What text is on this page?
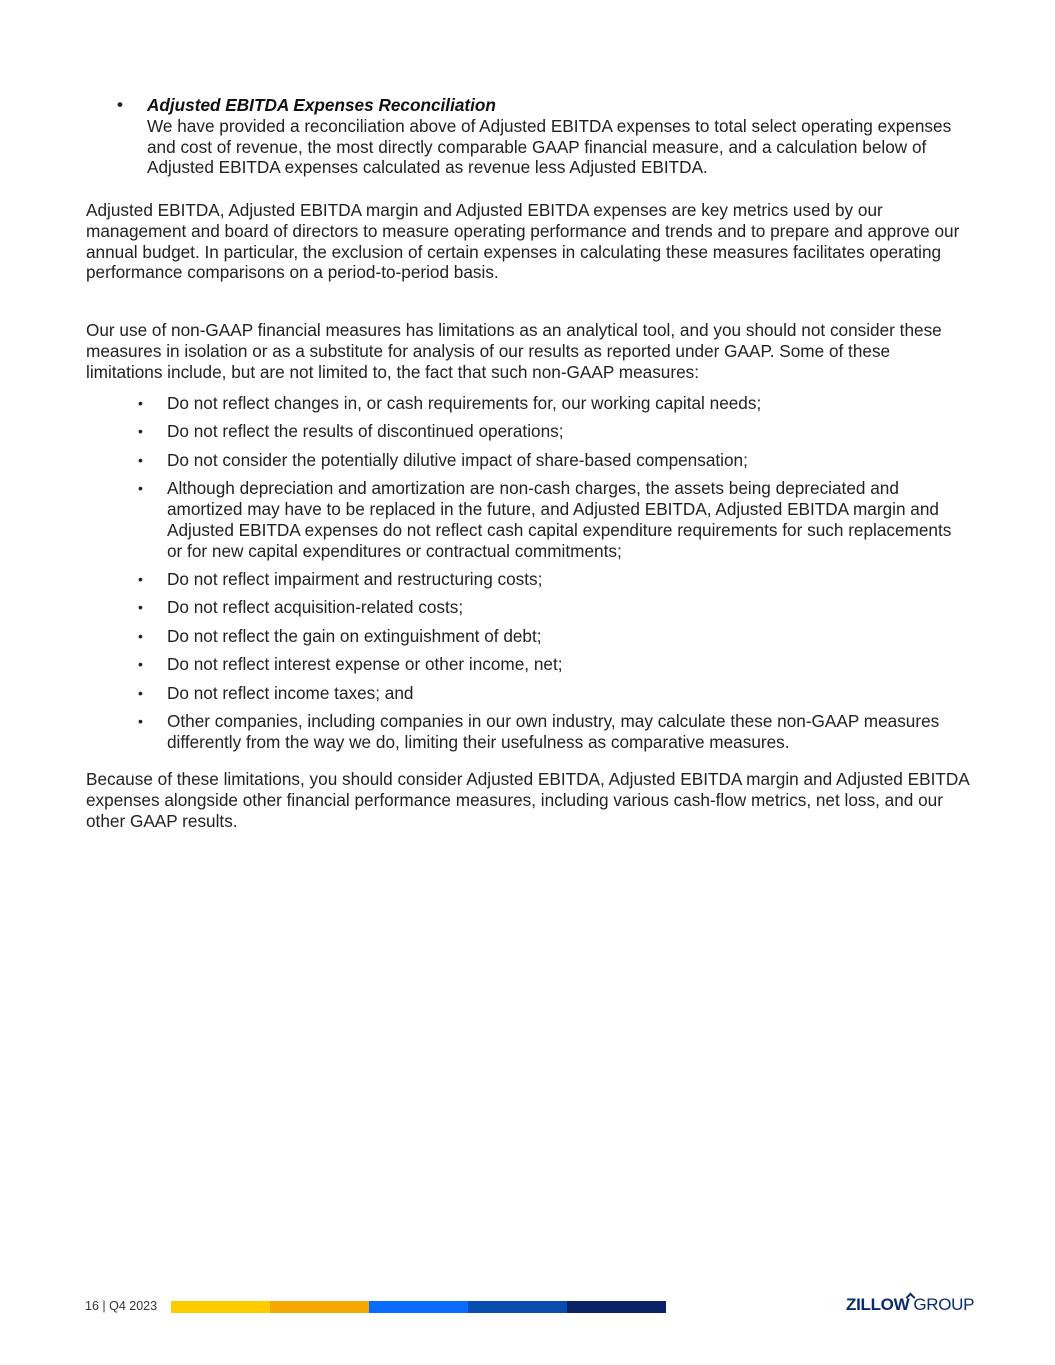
• Adjusted EBITDA Expenses Reconciliation
We have provided a reconciliation above of Adjusted EBITDA expenses to total select operating expenses and cost of revenue, the most directly comparable GAAP financial measure, and a calculation below of Adjusted EBITDA expenses calculated as revenue less Adjusted EBITDA.
Adjusted EBITDA, Adjusted EBITDA margin and Adjusted EBITDA expenses are key metrics used by our management and board of directors to measure operating performance and trends and to prepare and approve our annual budget. In particular, the exclusion of certain expenses in calculating these measures facilitates operating performance comparisons on a period-to-period basis.
Our use of non-GAAP financial measures has limitations as an analytical tool, and you should not consider these measures in isolation or as a substitute for analysis of our results as reported under GAAP. Some of these limitations include, but are not limited to, the fact that such non-GAAP measures:
• Do not reflect changes in, or cash requirements for, our working capital needs;
• Do not reflect the results of discontinued operations;
• Do not consider the potentially dilutive impact of share-based compensation;
• Although depreciation and amortization are non-cash charges, the assets being depreciated and amortized may have to be replaced in the future, and Adjusted EBITDA, Adjusted EBITDA margin and Adjusted EBITDA expenses do not reflect cash capital expenditure requirements for such replacements or for new capital expenditures or contractual commitments;
• Do not reflect impairment and restructuring costs;
• Do not reflect acquisition-related costs;
• Do not reflect the gain on extinguishment of debt;
• Do not reflect interest expense or other income, net;
• Do not reflect income taxes; and
• Other companies, including companies in our own industry, may calculate these non-GAAP measures differently from the way we do, limiting their usefulness as comparative measures.
Because of these limitations, you should consider Adjusted EBITDA, Adjusted EBITDA margin and Adjusted EBITDA expenses alongside other financial performance measures, including various cash-flow metrics, net loss, and our other GAAP results.
16 | Q4 2023	ZILLOW GROUP
